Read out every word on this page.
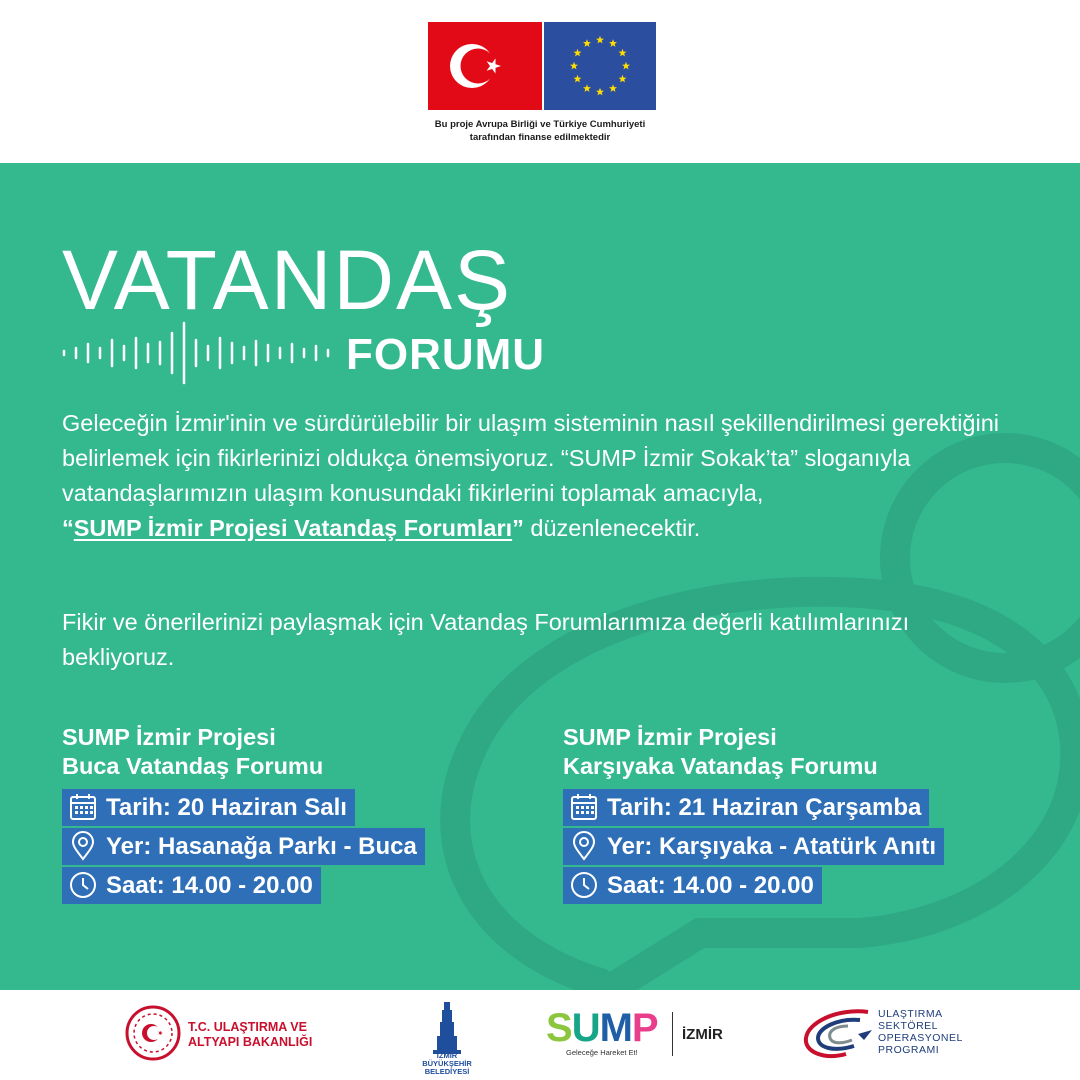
Bu proje Avrupa Birliği ve Türkiye Cumhuriyeti
tarafından finanse edilmektedir
VATANDAŞ
FORUMU

Geleceğin İzmir'inin ve sürdürülebilir bir ulaşım sisteminin nasıl şekillendirilmesi gerektiğini belirlemek için fikirlerinizi oldukça önemsiyoruz. “SUMP İzmir Sokak’ta” sloganıyla vatandaşlarımızın ulaşım konusundaki fikirlerini toplamak amacıyla,
“SUMP İzmir Projesi Vatandaş Forumları” düzenlenecektir.

Fikir ve önerilerinizi paylaşmak için Vatandaş Forumlarımıza değerli katılımlarınızı bekliyoruz.

SUMP İzmir Projesi
Buca Vatandaş Forumu
Tarih: 20 Haziran Salı
Yer: Hasanağa Parkı - Buca
Saat: 14.00 - 20.00
SUMP İzmir Projesi
Karşıyaka Vatandaş Forumu
Tarih: 21 Haziran Çarşamba
Yer: Karşıyaka - Atatürk Anıtı
Saat: 14.00 - 20.00
T.C. ULAŞTIRMA VE
ALTYAPI BAKANLIĞI
İZMİR
BÜYÜKŞEHİR
BELEDİYESİ
SUMP
Geleceğe Hareket Et!
İZMİR
ULAŞTIRMA
SEKTÖREL
OPERASYONEL
PROGRAMI
